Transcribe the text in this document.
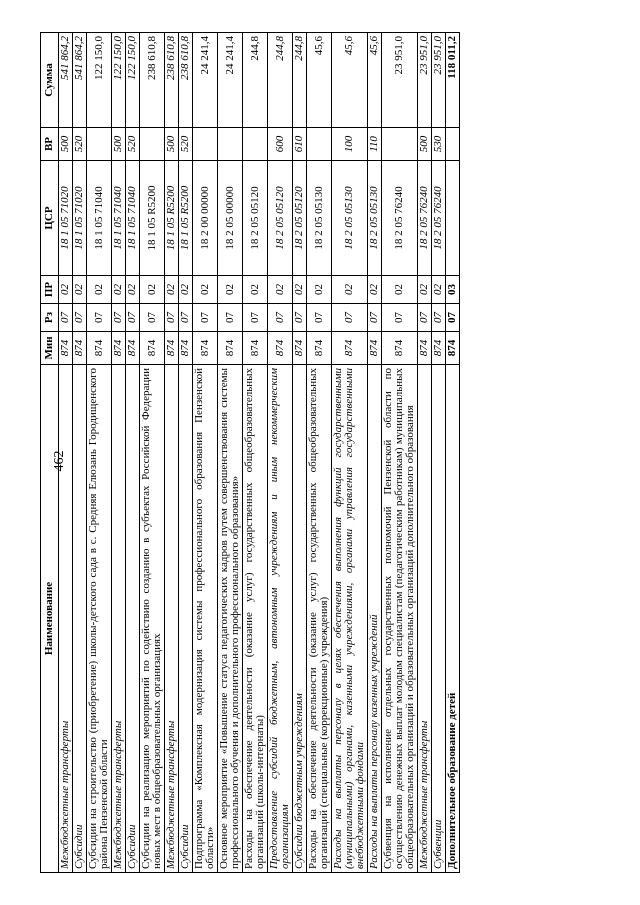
462
Наименование	Мин	Рз	ПР	ЦСР	ВР	Сумма
Межбюджетные трансферты	874	07	02	18 1 05 71020	500	541 864,2
Субсидии	874	07	02	18 1 05 71020	520	541 864,2
Субсидии на строительство (приобретение) школы-детского сада в с. Средняя Елюзань Городищенского района Пензенской области	874	07	02	18 1 05 71040		122 150,0
Межбюджетные трансферты	874	07	02	18 1 05 71040	500	122 150,0
Субсидии	874	07	02	18 1 05 71040	520	122 150,0
Субсидии на реализацию мероприятий по содействию созданию в субъектах Российской Федерации новых мест в общеобразовательных организациях	874	07	02	18 1 05 R5200		238 610,8
Межбюджетные трансферты	874	07	02	18 1 05 R5200	500	238 610,8
Субсидии	874	07	02	18 1 05 R5200	520	238 610,8
Подпрограмма «Комплексная модернизация системы профессионального образования Пензенской области»	874	07	02	18 2 00 00000		24 241,4
Основное мероприятие «Повышение статуса педагогических кадров путем совершенствования системы профессионального обучения и дополнительного профессионального образования»	874	07	02	18 2 05 00000		24 241,4
Расходы на обеспечение деятельности (оказание услуг) государственных общеобразовательных организаций (школы-интернаты)	874	07	02	18 2 05 05120		244,8
Предоставление субсидий бюджетным, автономным учреждениям и иным некоммерческим организациям	874	07	02	18 2 05 05120	600	244,8
Субсидии бюджетным учреждениям	874	07	02	18 2 05 05120	610	244,8
Расходы на обеспечение деятельности (оказание услуг) государственных общеобразовательных организаций (специальные (коррекционные) учреждения)	874	07	02	18 2 05 05130		45,6
Расходы на выплаты персоналу в целях обеспечения выполнения функций государственными (муниципальными) органами, казенными учреждениями, органами управления государственными внебюджетными фондами	874	07	02	18 2 05 05130	100	45,6
Расходы на выплаты персоналу казенных учреждений	874	07	02	18 2 05 05130	110	45,6
Субвенция на исполнение отдельных государственных полномочий Пензенской области по осуществлению денежных выплат молодым специалистам (педагогическим работникам) муниципальных общеобразовательных организаций и образовательных организаций дополнительного образования	874	07	02	18 2 05 76240		23 951,0
Межбюджетные трансферты	874	07	02	18 2 05 76240	500	23 951,0
Субвенции	874	07	02	18 2 05 76240	530	23 951,0
Дополнительное образование детей	874	07	03			118 011,2
